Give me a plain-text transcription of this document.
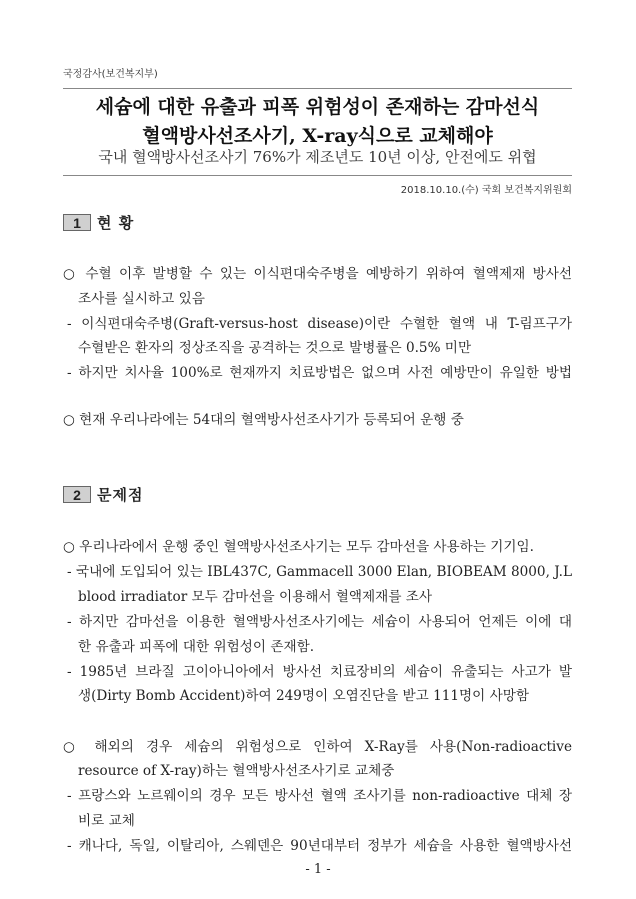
국정감사(보건복지부)
세슘에 대한 유출과 피폭 위험성이 존재하는 감마선식
혈액방사선조사기, X-ray식으로 교체해야
국내 혈액방사선조사기 76%가 제조년도 10년 이상, 안전에도 위협
2018.10.10.(수) 국회 보건복지위원회
1	현 황
○ 수혈 이후 발병할 수 있는 이식편대숙주병을 예방하기 위하여 혈액제재 방사선
조사를 실시하고 있음
- 이식편대숙주병(Graft-versus-host disease)이란 수혈한 혈액 내 T-림프구가
수혈받은 환자의 정상조직을 공격하는 것으로 발병률은 0.5% 미만
- 하지만 치사율 100%로 현재까지 치료방법은 없으며 사전 예방만이 유일한 방법
○ 현재 우리나라에는 54대의 혈액방사선조사기가 등록되어 운행 중
2	문제점
○ 우리나라에서 운행 중인 혈액방사선조사기는 모두 감마선을 사용하는 기기임.
- 국내에 도입되어 있는 IBL437C, Gammacell 3000 Elan, BIOBEAM 8000, J.L
blood irradiator 모두 감마선을 이용해서 혈액제재를 조사
- 하지만 감마선을 이용한 혈액방사선조사기에는 세슘이 사용되어 언제든 이에 대
한 유출과 피폭에 대한 위험성이 존재함.
- 1985년 브라질 고이아니아에서 방사선 치료장비의 세슘이 유출되는 사고가 발
생(Dirty Bomb Accident)하여 249명이 오염진단을 받고 111명이 사망함
○ 해외의 경우 세슘의 위험성으로 인하여 X-Ray를 사용(Non-radioactive
resource of X-ray)하는 혈액방사선조사기로 교체중
- 프랑스와 노르웨이의 경우 모든 방사선 혈액 조사기를 non-radioactive 대체 장
비로 교체
- 캐나다, 독일, 이탈리아, 스웨덴은 90년대부터 정부가 세슘을 사용한 혈액방사선
- 1 -
